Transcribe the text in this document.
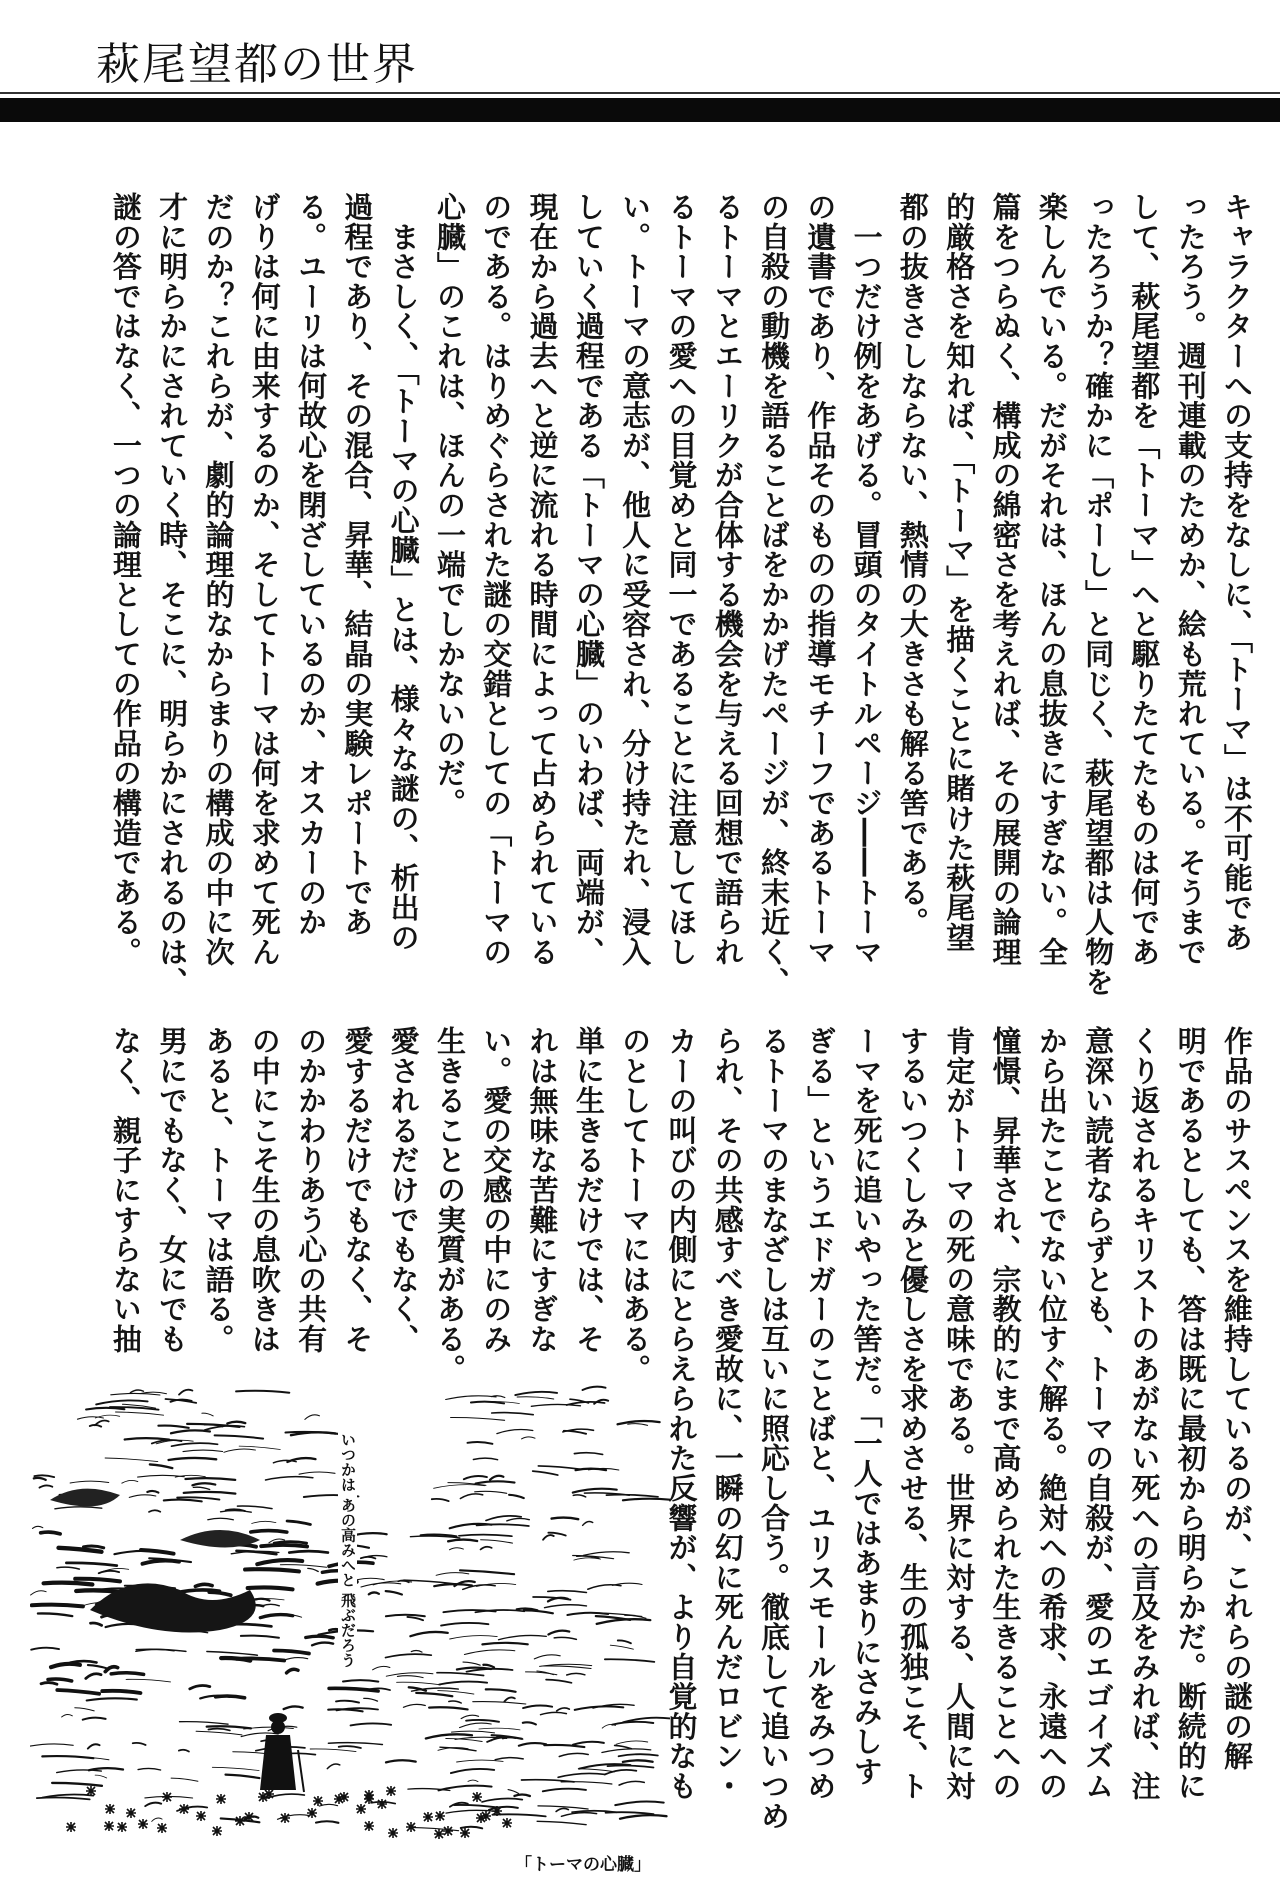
萩尾望都の世界
キャラクターへの支持をなしに、「トーマ」は不可能であ
ったろう。週刊連載のためか、絵も荒れている。そうまで
して、萩尾望都を「トーマ」へと駆りたてたものは何であ
ったろうか？確かに「ポーし」と同じく、萩尾望都は人物を
楽しんでいる。だがそれは、ほんの息抜きにすぎない。全
篇をつらぬく、構成の綿密さを考えれば、その展開の論理
的厳格さを知れば、「トーマ」を描くことに賭けた萩尾望
都の抜きさしならない、熱情の大きさも解る筈である。
　一つだけ例をあげる。冒頭のタイトルページ――トーマ
の遺書であり、作品そのものの指導モチーフであるトーマ
の自殺の動機を語ることばをかかげたページが、終末近く、
るトーマとエーリクが合体する機会を与える回想で語られ
るトーマの愛への目覚めと同一であることに注意してほし
い。トーマの意志が、他人に受容され、分け持たれ、浸入
していく過程である「トーマの心臓」のいわば、両端が、
現在から過去へと逆に流れる時間によって占められている
のである。はりめぐらされた謎の交錯としての「トーマの
心臓」のこれは、ほんの一端でしかないのだ。
　まさしく、「トーマの心臓」とは、様々な謎の、析出の
過程であり、その混合、昇華、結晶の実験レポートであ
る。ユーリは何故心を閉ざしているのか、オスカーのか
げりは何に由来するのか、そしてトーマは何を求めて死ん
だのか？これらが、劇的論理的なからまりの構成の中に次
才に明らかにされていく時、そこに、明らかにされるのは、
謎の答ではなく、一つの論理としての作品の構造である。
作品のサスペンスを維持しているのが、これらの謎の解
明であるとしても、答は既に最初から明らかだ。断続的に
くり返されるキリストのあがない死への言及をみれば、注
意深い読者ならずとも、トーマの自殺が、愛のエゴイズム
から出たことでない位すぐ解る。絶対への希求、永遠への
憧憬、昇華され、宗教的にまで高められた生きることへの
肯定がトーマの死の意味である。世界に対する、人間に対
するいつくしみと優しさを求めさせる、生の孤独こそ、ト
ーマを死に追いやった筈だ。「一人ではあまりにさみしす
ぎる」というエドガーのことばと、ユリスモールをみつめ
るトーマのまなざしは互いに照応し合う。徹底して追いつめ
られ、その共感すべき愛故に、一瞬の幻に死んだロビン・
カーの叫びの内側にとらえられた反響が、より自覚的なも
のとしてトーマにはある。
単に生きるだけでは、そ
れは無味な苦難にすぎな
い。愛の交感の中にのみ
生きることの実質がある。
愛されるだけでもなく、
愛するだけでもなく、そ
のかかわりあう心の共有
の中にこそ生の息吹きは
あると、トーマは語る。
男にでもなく、女にでも
なく、親子にすらない抽
いつかは あの高みへと 飛ぶだろう
「トーマの心臓」
